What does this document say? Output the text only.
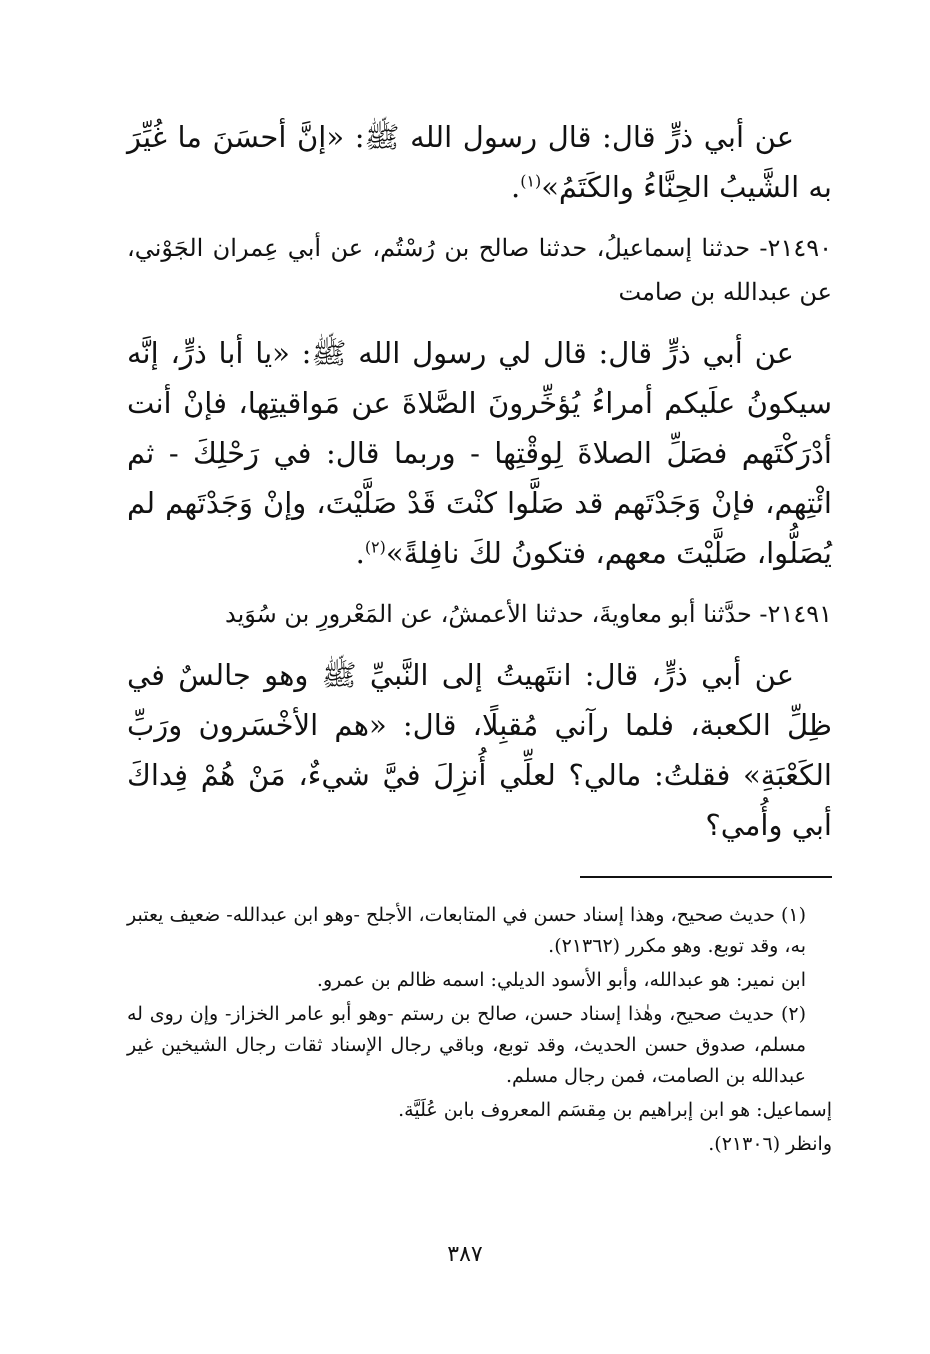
عن أبي ذرٍّ قال: قال رسول الله ﷺ: «إنَّ أحسَنَ ما غُيِّرَ به الشَّيبُ الحِنَّاءُ والكَتَمُ»$^{(١)}$.

٢١٤٩٠- حدثنا إسماعيلُ، حدثنا صالح بن رُسْتُم، عن أبي عِمران الجَوْني، عن عبدالله بن صامت

عن أبي ذرٍّ قال: قال لي رسول الله ﷺ: «يا أبا ذرٍّ، إنَّه سيكونُ علَيكم أمراءُ يُؤخِّرونَ الصَّلاةَ عن مَواقيتِها، فإنْ أنت أدْرَكْتَهم فصَلِّ الصلاةَ لِوقْتِها - وربما قال: في رَحْلِكَ - ثم ائْتِهم، فإنْ وَجَدْتَهم قد صَلَّوا كنْتَ قَدْ صَلَّيْتَ، وإنْ وَجَدْتَهم لم يُصَلُّوا، صَلَّيْتَ معهم، فتكونُ لكَ نافِلةً»$^{(٢)}$.

٢١٤٩١- حدَّثنا أبو معاويةَ، حدثنا الأعمشُ، عن المَعْرورِ بن سُوَيد

عن أبي ذرٍّ، قال: انتَهيتُ إلى النَّبيِّ ﷺ وهو جالسٌ في ظِلِّ الكعبة، فلما رآني مُقبِلًا، قال: «هم الأخْسَرون ورَبِّ الكَعْبَةِ» فقلتُ: مالي؟ لعلِّي أُنزِلَ فيَّ شيءٌ، مَنْ هُمْ فِداكَ أبي وأُمي؟

(١) حديث صحيح، وهذا إسناد حسن في المتابعات، الأجلح -وهو ابن عبدالله- ضعيف يعتبر به، وقد توبع. وهو مكرر (٢١٣٦٢).

ابن نمير: هو عبدالله، وأبو الأسود الديلي: اسمه ظالم بن عمرو.

(٢) حديث صحيح، وهٰذا إسناد حسن، صالح بن رستم -وهو أبو عامر الخزاز- وإن روى له مسلم، صدوق حسن الحديث، وقد توبع، وباقي رجال الإسناد ثقات رجال الشيخين غير عبدالله بن الصامت، فمن رجال مسلم.

إسماعيل: هو ابن إبراهيم بن مِقسَم المعروف بابن عُلَيَّة.

وانظر (٢١٣٠٦).

٣٨٧
